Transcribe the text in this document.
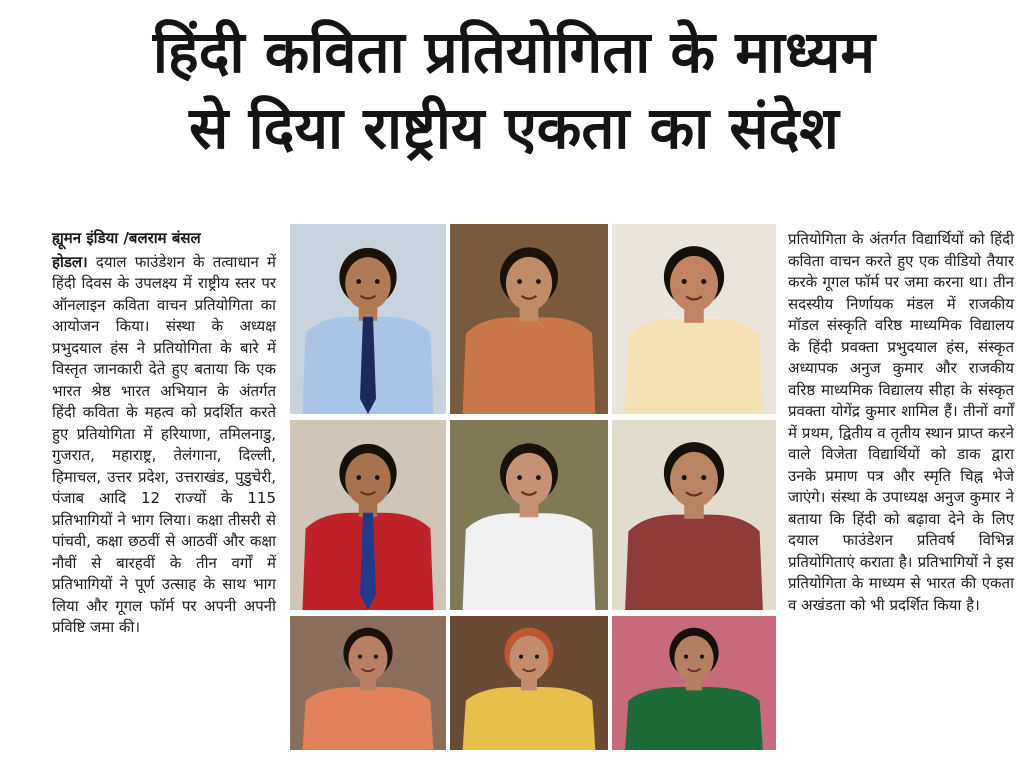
हिंदी कविता प्रतियोगिता के माध्यम
से दिया राष्ट्रीय एकता का संदेश
ह्यूमन इंडिया /बलराम बंसल
होडल। दयाल फाउंडेशन के तत्वाधान में हिंदी दिवस के उपलक्ष्य में राष्ट्रीय स्तर पर ऑनलाइन कविता वाचन प्रतियोगिता का आयोजन किया। संस्था के अध्यक्ष प्रभुदयाल हंस ने प्रतियोगिता के बारे में विस्तृत जानकारी देते हुए बताया कि एक भारत श्रेष्ठ भारत अभियान के अंतर्गत हिंदी कविता के महत्व को प्रदर्शित करते हुए प्रतियोगिता में हरियाणा, तमिलनाडु, गुजरात, महाराष्ट्र, तेलंगाना, दिल्ली, हिमाचल, उत्तर प्रदेश, उत्तराखंड, पुडुचेरी, पंजाब आदि 12 राज्यों के 115 प्रतिभागियों ने भाग लिया। कक्षा तीसरी से पांचवी, कक्षा छठवीं से आठवीं और कक्षा नौवीं से बारहवीं के तीन वर्गों में प्रतिभागियों ने पूर्ण उत्साह के साथ भाग लिया और गूगल फॉर्म पर अपनी अपनी प्रविष्टि जमा की।
प्रतियोगिता के अंतर्गत विद्यार्थियों को हिंदी कविता वाचन करते हुए एक वीडियो तैयार करके गूगल फॉर्म पर जमा करना था। तीन सदस्यीय निर्णायक मंडल में राजकीय मॉडल संस्कृति वरिष्ठ माध्यमिक विद्यालय के हिंदी प्रवक्ता प्रभुदयाल हंस, संस्कृत अध्यापक अनुज कुमार और राजकीय वरिष्ठ माध्यमिक विद्यालय सीहा के संस्कृत प्रवक्ता योगेंद्र कुमार शामिल हैं। तीनों वर्गों में प्रथम, द्वितीय व तृतीय स्थान प्राप्त करने वाले विजेता विद्यार्थियों को डाक द्वारा उनके प्रमाण पत्र और स्मृति चिह्न भेजे जाएंगे। संस्था के उपाध्यक्ष अनुज कुमार ने बताया कि हिंदी को बढ़ावा देने के लिए दयाल फाउंडेशन प्रतिवर्ष विभिन्न प्रतियोगिताएं कराता है। प्रतिभागियों ने इस प्रतियोगिता के माध्यम से भारत की एकता व अखंडता को भी प्रदर्शित किया है।
